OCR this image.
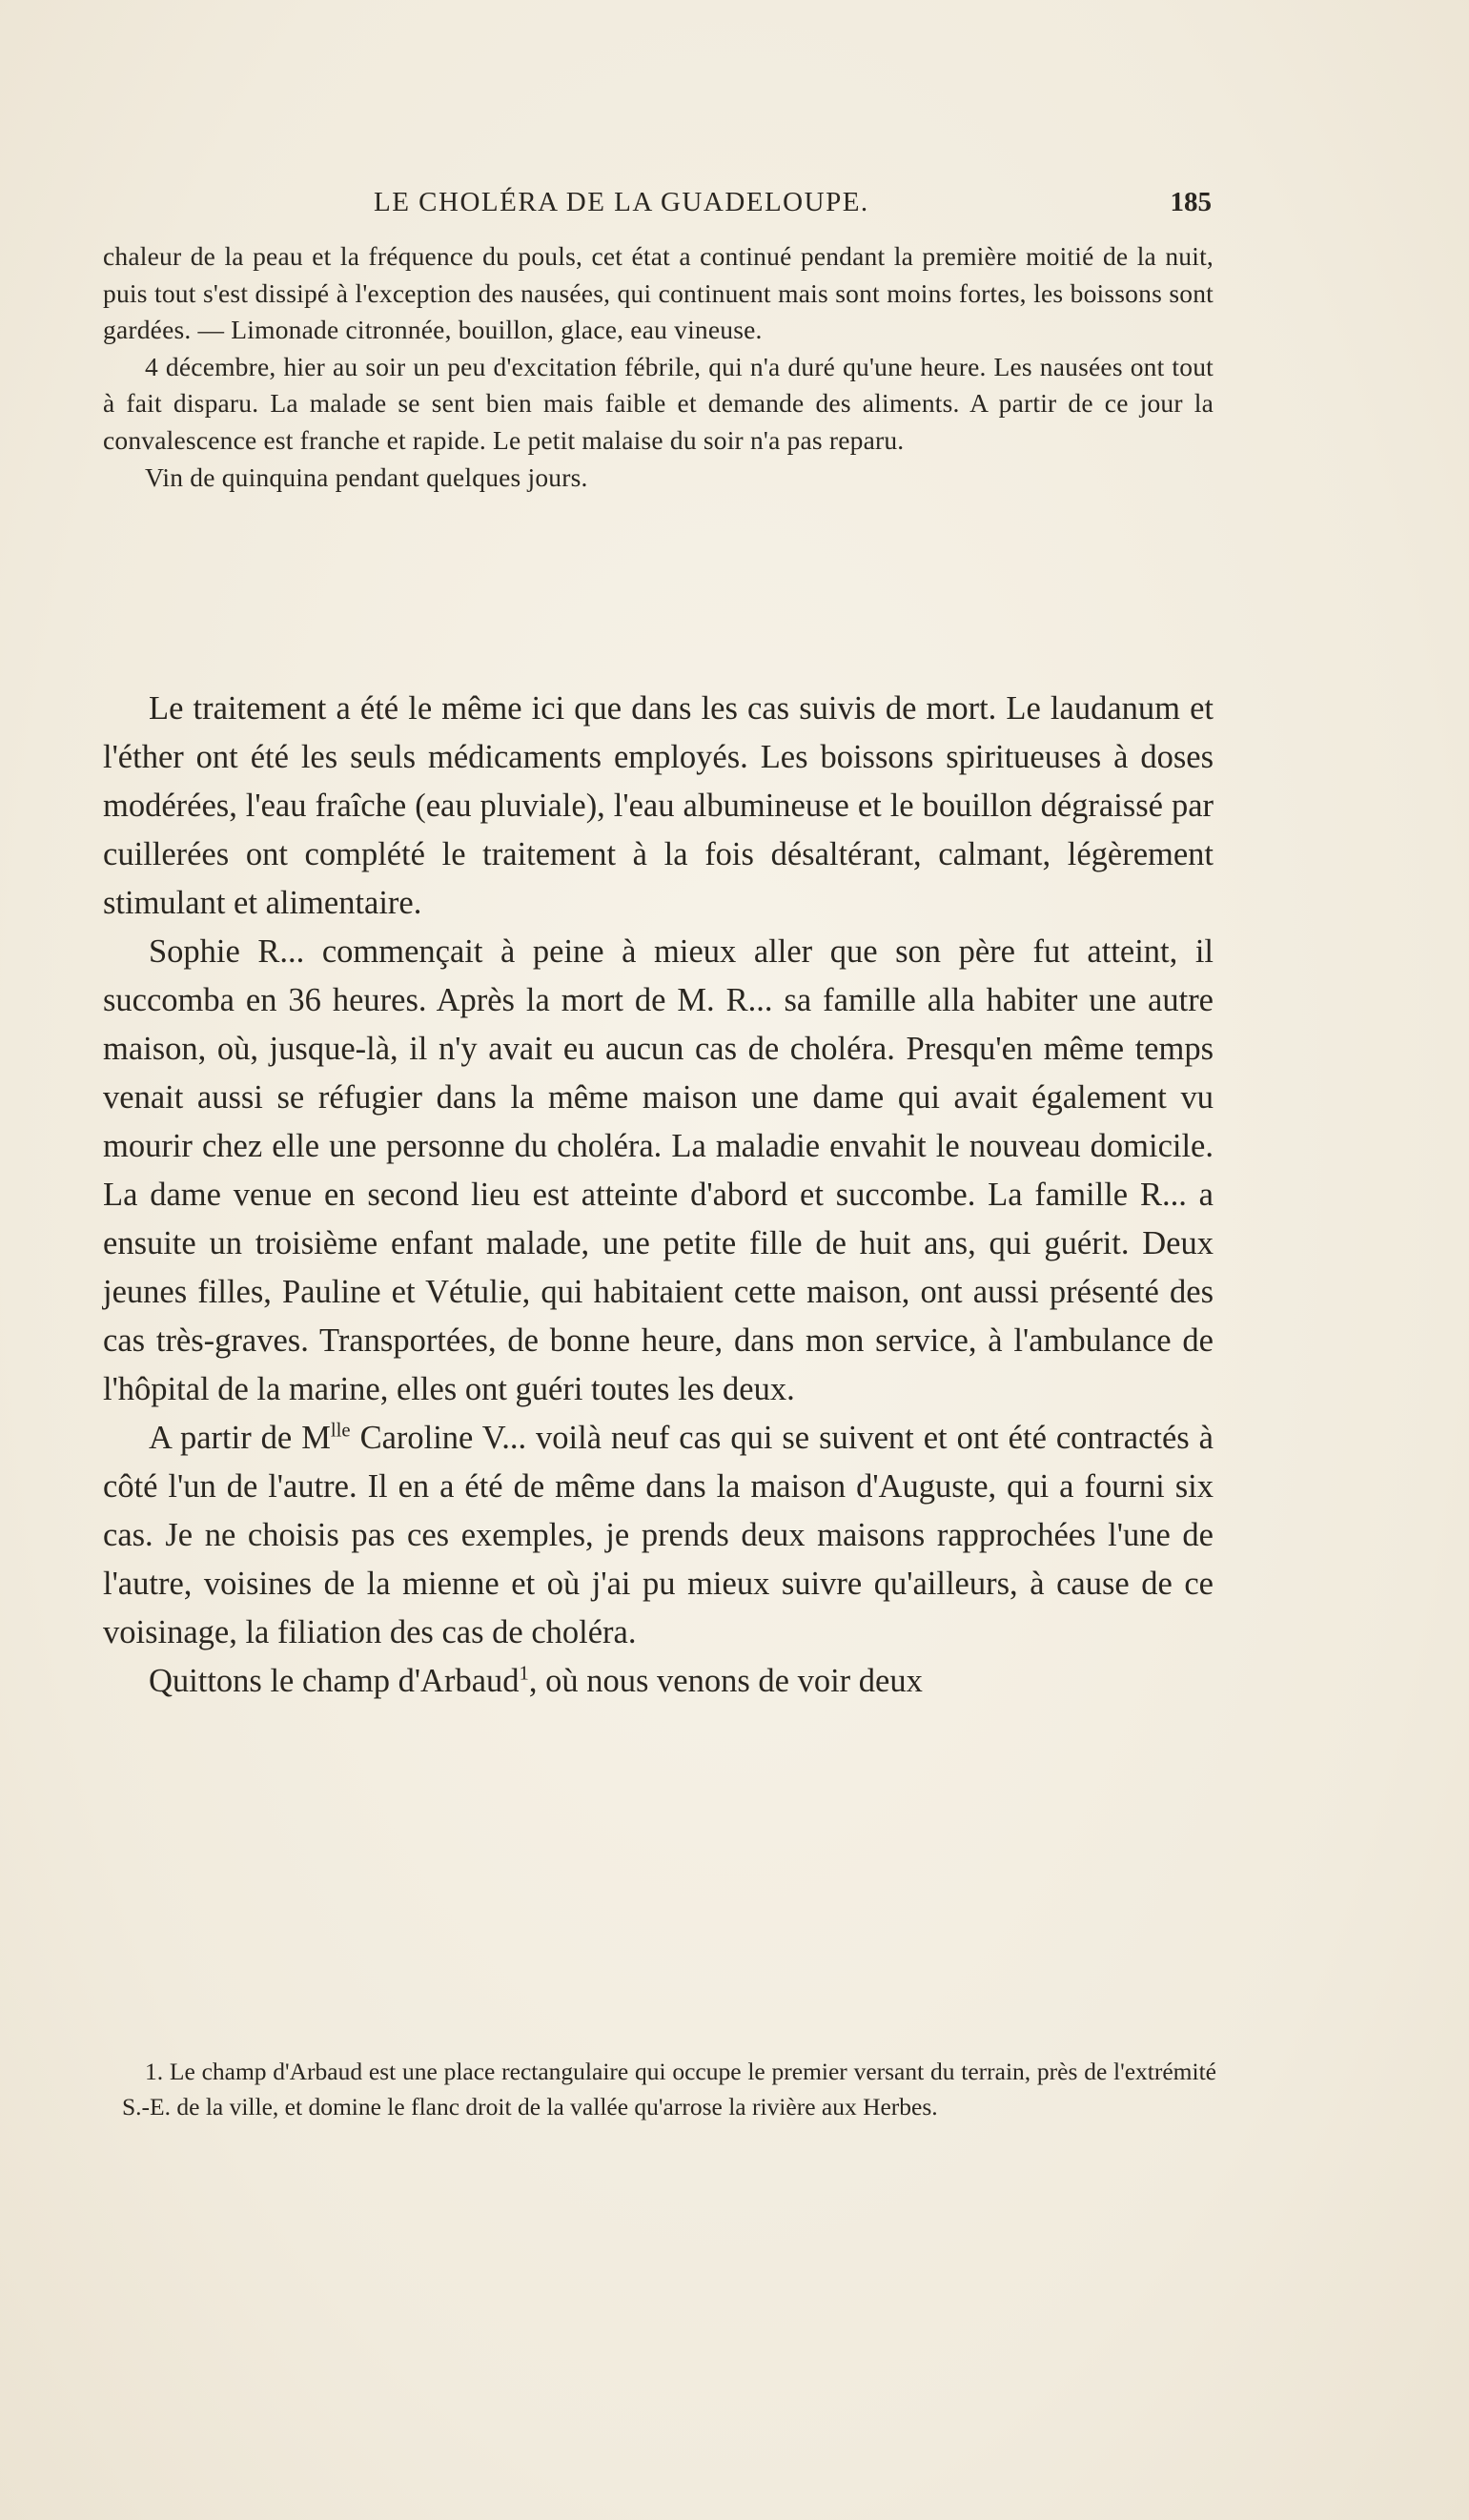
LE CHOLÉRA DE LA GUADELOUPE.	185

chaleur de la peau et la fréquence du pouls, cet état a continué pendant la première moitié de la nuit, puis tout s'est dissipé à l'exception des nausées, qui continuent mais sont moins fortes, les boissons sont gardées. — Limonade citronnée, bouillon, glace, eau vineuse.

4 décembre, hier au soir un peu d'excitation fébrile, qui n'a duré qu'une heure. Les nausées ont tout à fait disparu. La malade se sent bien mais faible et demande des aliments. A partir de ce jour la convalescence est franche et rapide. Le petit malaise du soir n'a pas reparu.

Vin de quinquina pendant quelques jours.

Le traitement a été le même ici que dans les cas suivis de mort. Le laudanum et l'éther ont été les seuls médicaments employés. Les boissons spiritueuses à doses modérées, l'eau fraîche (eau pluviale), l'eau albumineuse et le bouillon dégraissé par cuillerées ont complété le traitement à la fois désaltérant, calmant, légèrement stimulant et alimentaire.

Sophie R... commençait à peine à mieux aller que son père fut atteint, il succomba en 36 heures. Après la mort de M. R... sa famille alla habiter une autre maison, où, jusque-là, il n'y avait eu aucun cas de choléra. Presqu'en même temps venait aussi se réfugier dans la même maison une dame qui avait également vu mourir chez elle une personne du choléra. La maladie envahit le nouveau domicile. La dame venue en second lieu est atteinte d'abord et succombe. La famille R... a ensuite un troisième enfant malade, une petite fille de huit ans, qui guérit. Deux jeunes filles, Pauline et Vétulie, qui habitaient cette maison, ont aussi présenté des cas très-graves. Transportées, de bonne heure, dans mon service, à l'ambulance de l'hôpital de la marine, elles ont guéri toutes les deux.

A partir de $M^{lle}$ Caroline V... voilà neuf cas qui se suivent et ont été contractés à côté l'un de l'autre. Il en a été de même dans la maison d'Auguste, qui a fourni six cas. Je ne choisis pas ces exemples, je prends deux maisons rapprochées l'une de l'autre, voisines de la mienne et où j'ai pu mieux suivre qu'ailleurs, à cause de ce voisinage, la filiation des cas de choléra.

Quittons le champ d'Arbaud$^1$, où nous venons de voir deux

1. Le champ d'Arbaud est une place rectangulaire qui occupe le premier versant du terrain, près de l'extrémité S.-E. de la ville, et domine le flanc droit de la vallée qu'arrose la rivière aux Herbes.
